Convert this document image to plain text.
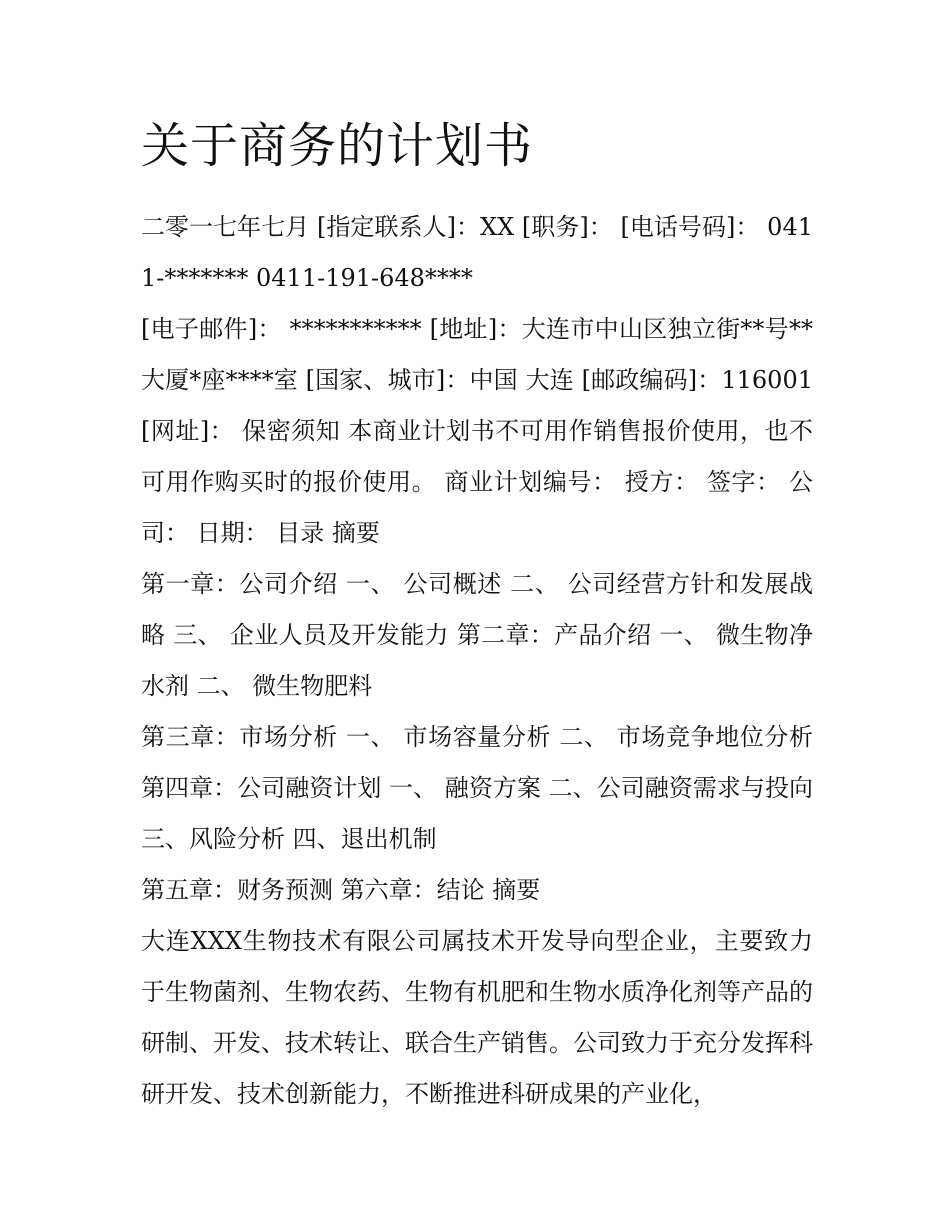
关于商务的计划书

二零一七年七月 [指定联系人]：XX [职务]： [电话号码]： 0411-******* 0411-191-648****

[电子邮件]： *********** [地址]：大连市中山区独立街**号**大厦*座****室 [国家、城市]：中国 大连 [邮政编码]：116001 [网址]： 保密须知 本商业计划书不可用作销售报价使用，也不可用作购买时的报价使用。 商业计划编号： 授方： 签字： 公司： 日期： 目录 摘要

第一章：公司介绍 一、 公司概述 二、 公司经营方针和发展战略 三、 企业人员及开发能力 第二章：产品介绍 一、 微生物净水剂 二、 微生物肥料

第三章：市场分析 一、 市场容量分析 二、 市场竞争地位分析 第四章：公司融资计划 一、 融资方案 二、公司融资需求与投向 三、风险分析 四、退出机制

第五章：财务预测 第六章：结论 摘要

大连XXX生物技术有限公司属技术开发导向型企业，主要致力于生物菌剂、生物农药、生物有机肥和生物水质净化剂等产品的研制、开发、技术转让、联合生产销售。公司致力于充分发挥科研开发、技术创新能力，不断推进科研成果的产业化，
